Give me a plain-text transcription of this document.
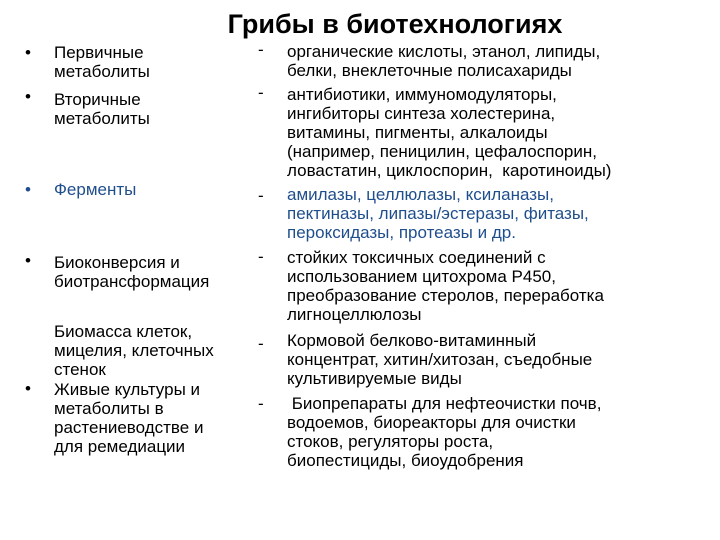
Грибы в биотехнологиях
• Первичные
метаболиты
• Вторичные
метаболиты
• Ферменты
• Биоконверсия и
биотрансформация
Биомасса клеток,
мицелия, клеточных
стенок
• Живые культуры и
метаболиты в
растениеводстве и
для ремедиации
- органические кислоты, этанол, липиды,
белки, внеклеточные полисахариды
- антибиотики, иммуномодуляторы,
ингибиторы синтеза холестерина,
витамины, пигменты, алкалоиды
(например, пеницилин, цефалоспорин,
ловастатин, циклоспорин,  каротиноиды)
- амилазы, целлюлазы, ксиланазы,
пектиназы, липазы/эстеразы, фитазы,
пероксидазы, протеазы и др.
- стойких токсичных соединений с
использованием цитохрома Р450,
преобразование стеролов, переработка
лигноцеллюлозы
- Кормовой белково-витаминный
концентрат, хитин/хитозан, съедобные
культивируемые виды
- Биопрепараты для нефтеочистки почв,
водоемов, биореакторы для очистки
стоков, регуляторы роста,
биопестициды, биоудобрения
